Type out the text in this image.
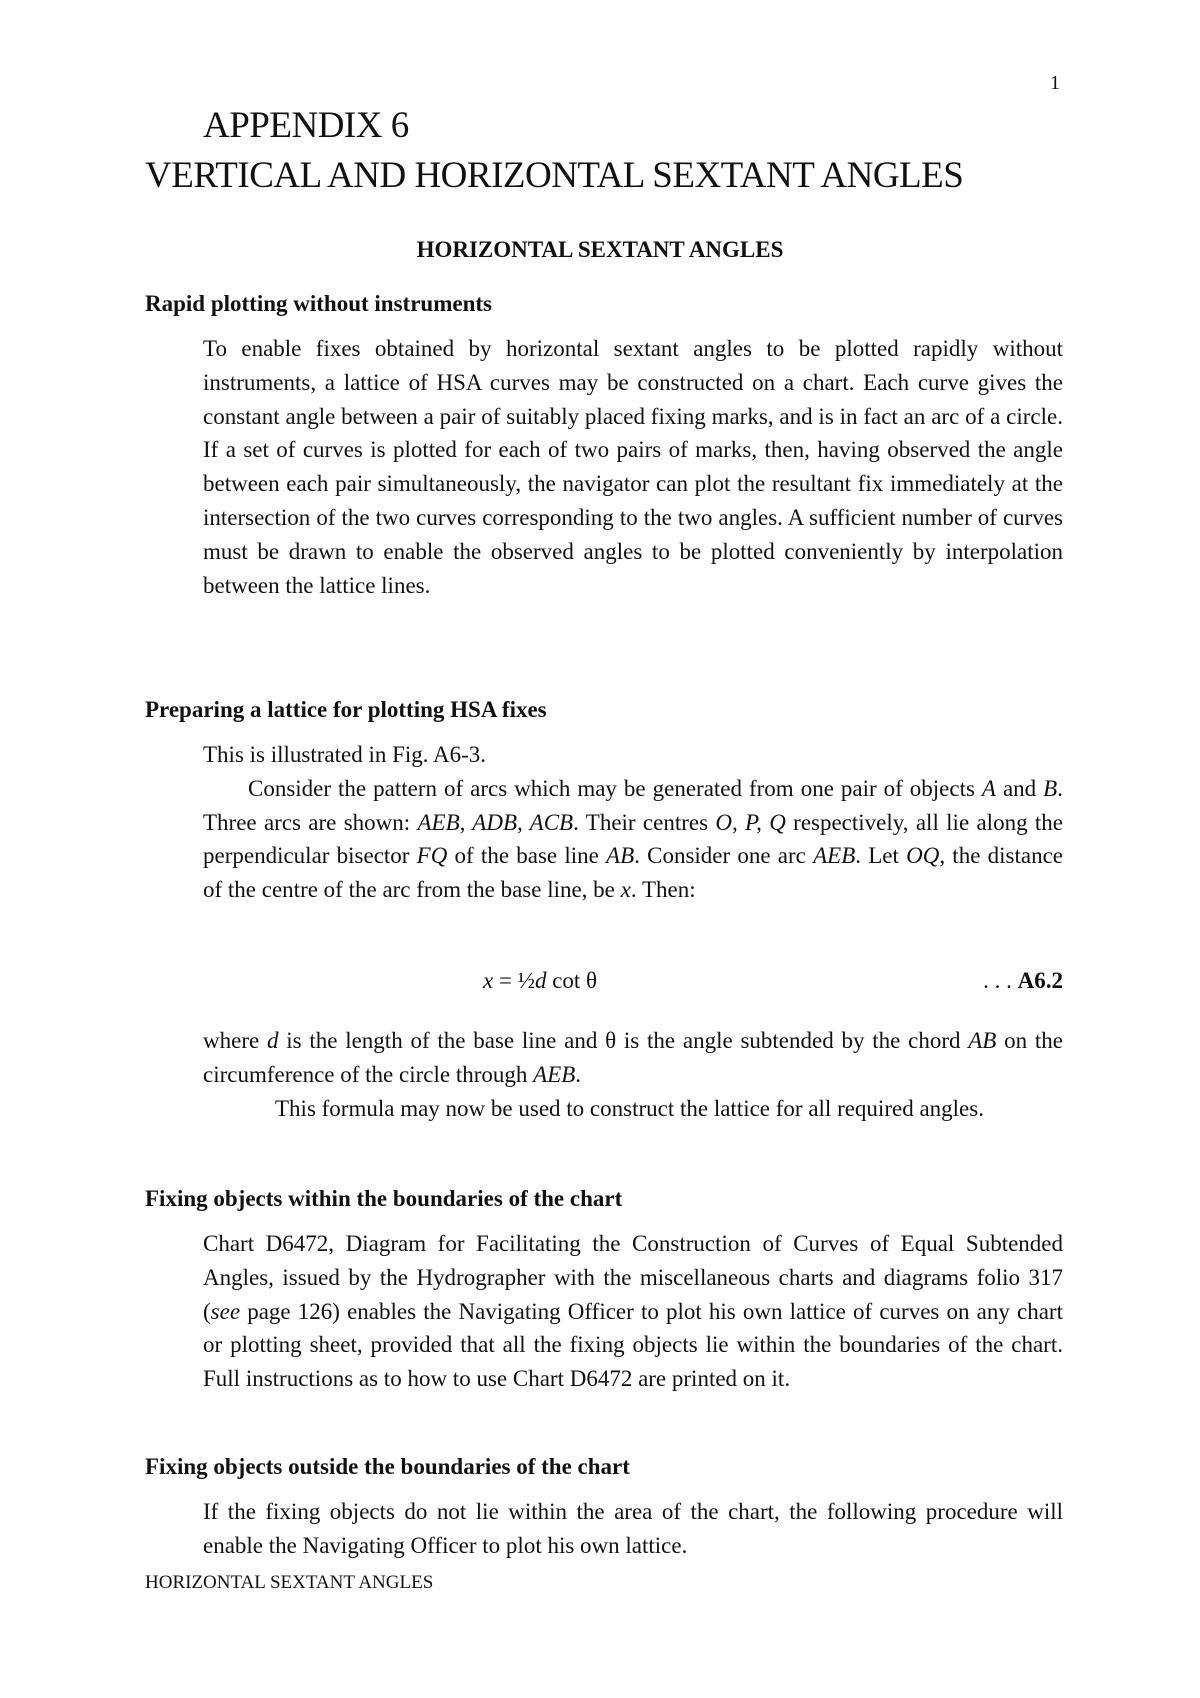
1
APPENDIX 6
VERTICAL AND HORIZONTAL SEXTANT ANGLES
HORIZONTAL SEXTANT ANGLES
Rapid plotting without instruments

To enable fixes obtained by horizontal sextant angles to be plotted rapidly without instruments, a lattice of HSA curves may be constructed on a chart. Each curve gives the constant angle between a pair of suitably placed fixing marks, and is in fact an arc of a circle. If a set of curves is plotted for each of two pairs of marks, then, having observed the angle between each pair simultaneously, the navigator can plot the resultant fix immediately at the intersection of the two curves corresponding to the two angles. A sufficient number of curves must be drawn to enable the observed angles to be plotted conveniently by interpolation between the lattice lines.

Preparing a lattice for plotting HSA fixes

This is illustrated in Fig. A6-3.

Consider the pattern of arcs which may be generated from one pair of objects A and B. Three arcs are shown: AEB, ADB, ACB. Their centres O, P, Q respectively, all lie along the perpendicular bisector FQ of the base line AB. Consider one arc AEB. Let OQ, the distance of the centre of the arc from the base line, be x. Then:

x = ½d cot θ	. . . A6.2

where d is the length of the base line and θ is the angle subtended by the chord AB on the circumference of the circle through AEB.

This formula may now be used to construct the lattice for all required angles.

Fixing objects within the boundaries of the chart

Chart D6472, Diagram for Facilitating the Construction of Curves of Equal Subtended Angles, issued by the Hydrographer with the miscellaneous charts and diagrams folio 317 (see page 126) enables the Navigating Officer to plot his own lattice of curves on any chart or plotting sheet, provided that all the fixing objects lie within the boundaries of the chart. Full instructions as to how to use Chart D6472 are printed on it.

Fixing objects outside the boundaries of the chart

If the fixing objects do not lie within the area of the chart, the following procedure will enable the Navigating Officer to plot his own lattice.

HORIZONTAL SEXTANT ANGLES
